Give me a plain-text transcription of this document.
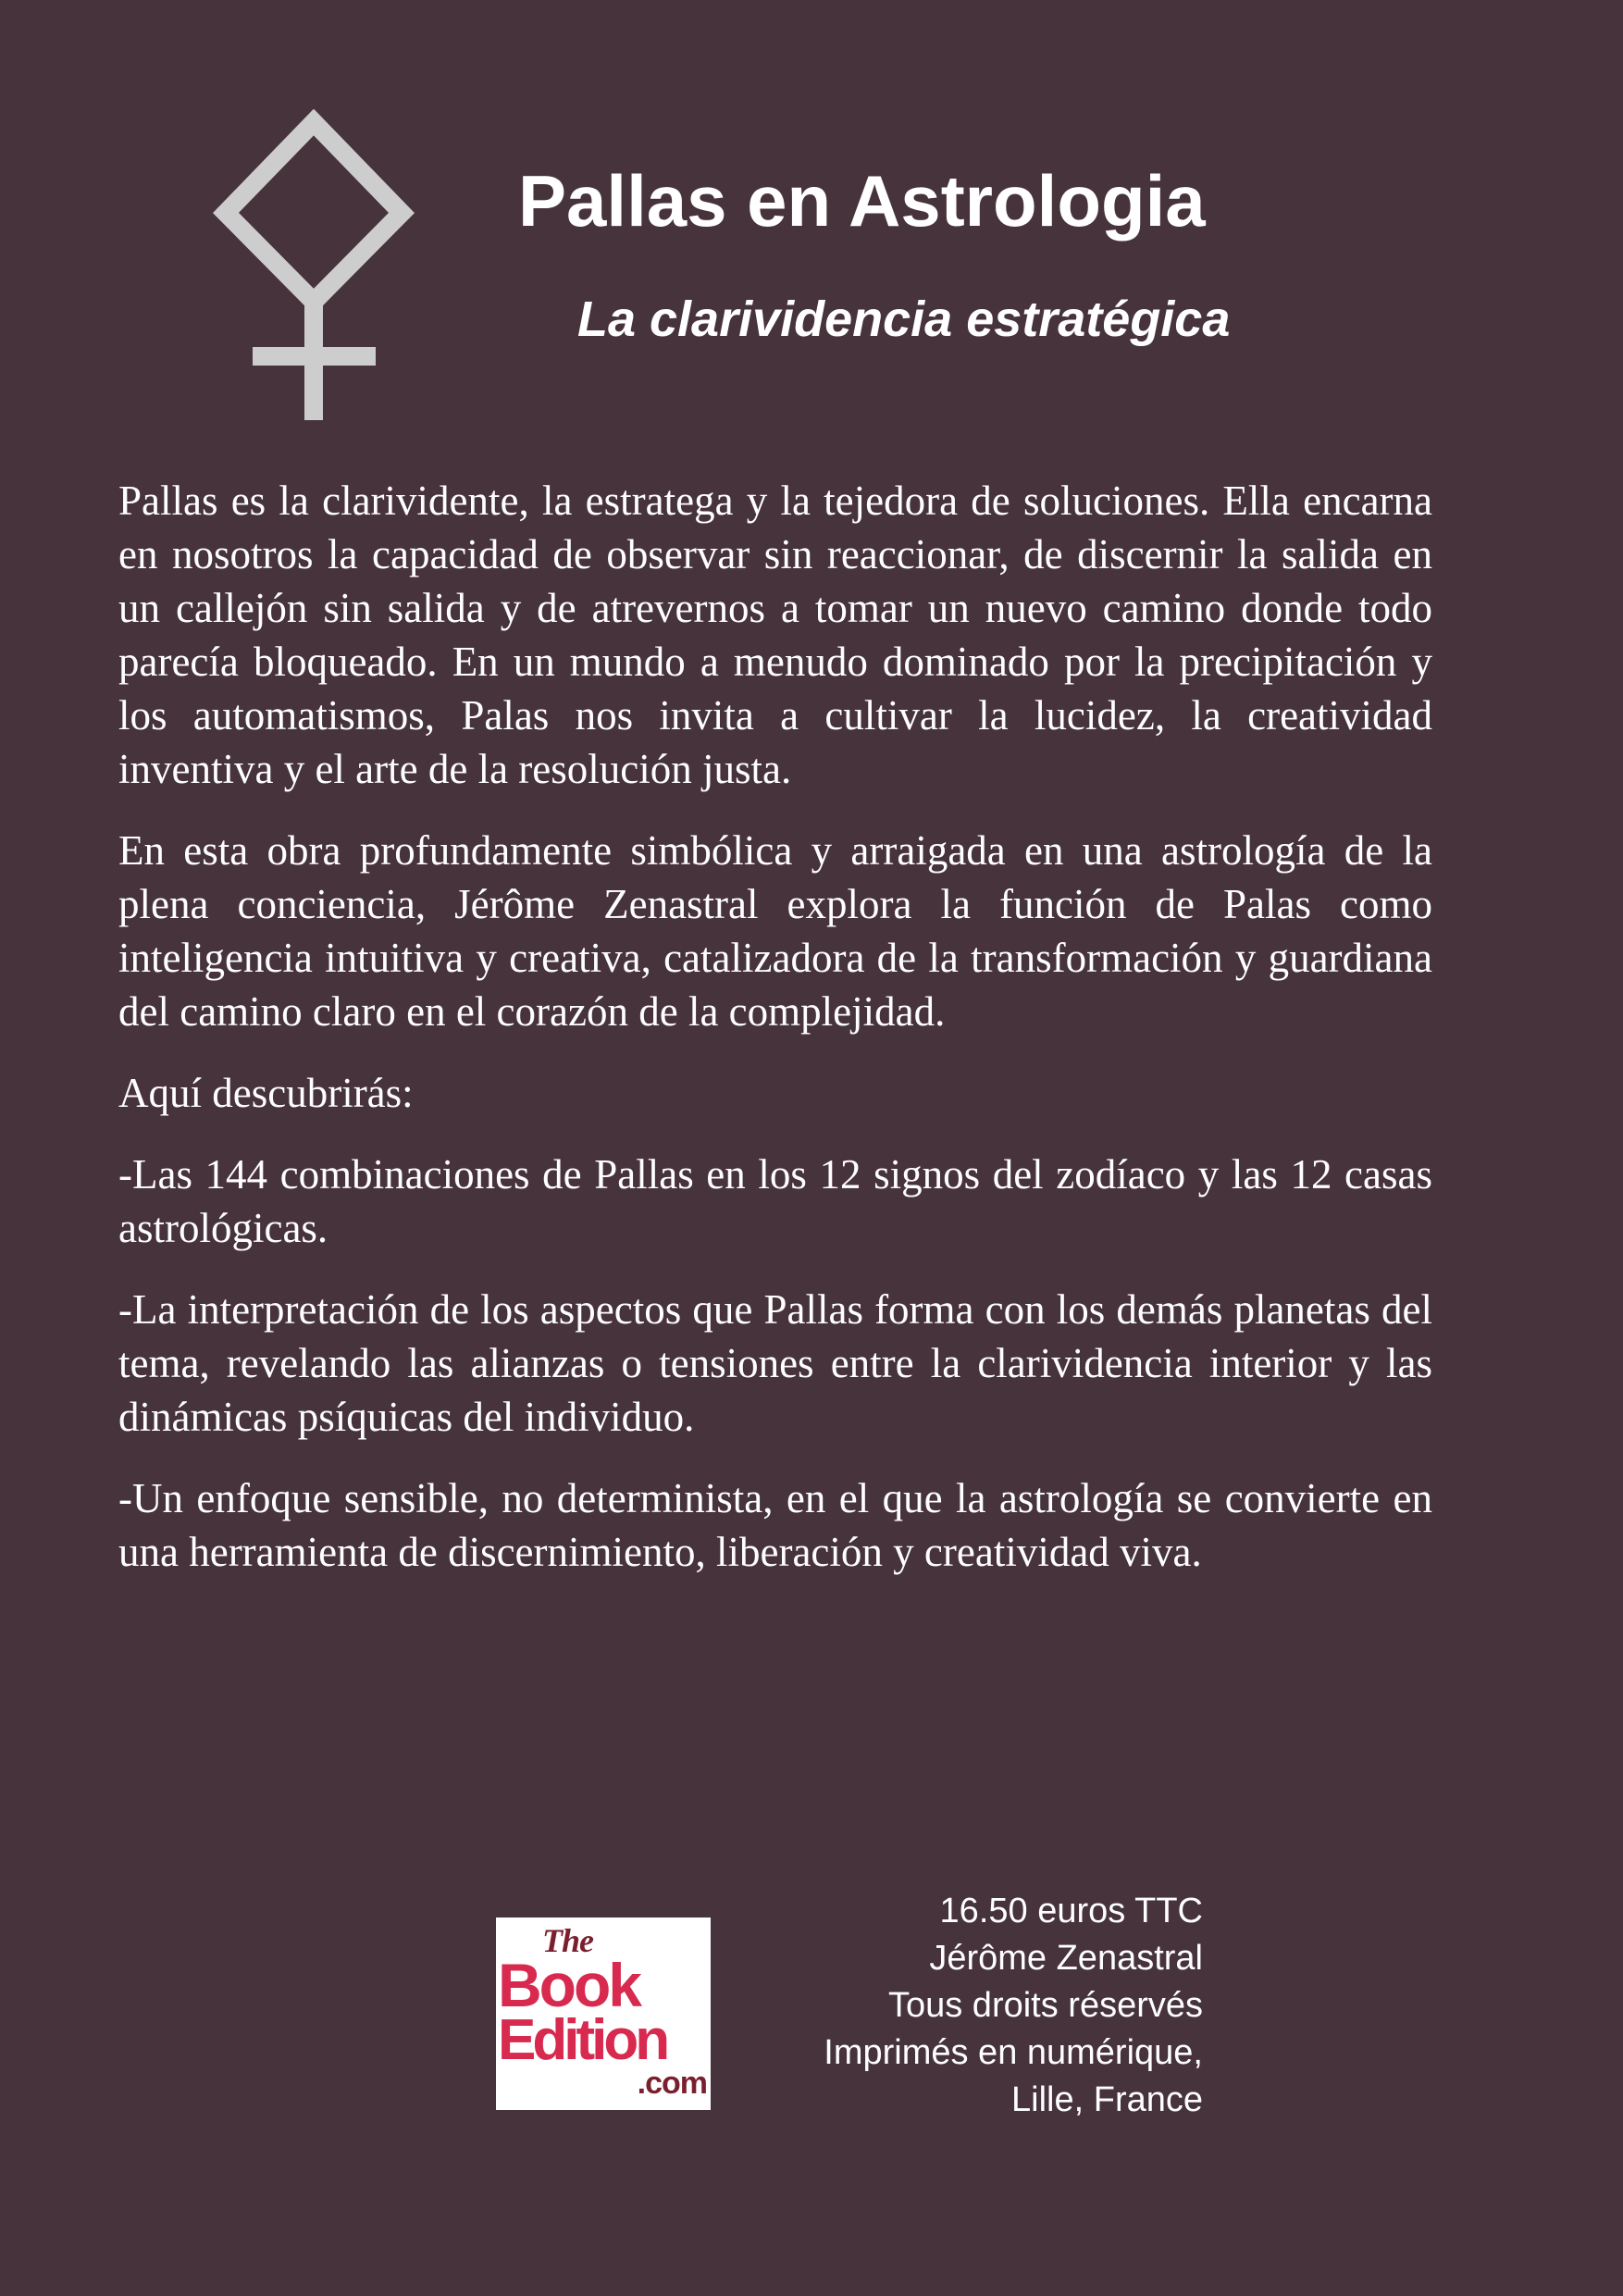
Pallas en Astrologia
La clarividencia estratégica

Pallas es la clarividente, la estratega y la tejedora de soluciones. Ella encarna en nosotros la capacidad de observar sin reaccionar, de discernir la salida en un callejón sin salida y de atrevernos a tomar un nuevo camino donde todo parecía bloqueado. En un mundo a menudo dominado por la precipitación y los automatismos, Palas nos invita a cultivar la lucidez, la creatividad inventiva y el arte de la resolución justa.

En esta obra profundamente simbólica y arraigada en una astrología de la plena conciencia, Jérôme Zenastral explora la función de Palas como inteligencia intuitiva y creativa, catalizadora de la transformación y guardiana del camino claro en el corazón de la complejidad.

Aquí descubrirás:

-Las 144 combinaciones de Pallas en los 12 signos del zodíaco y las 12 casas astrológicas.

-La interpretación de los aspectos que Pallas forma con los demás planetas del tema, revelando las alianzas o tensiones entre la clarividencia interior y las dinámicas psíquicas del individuo.

-Un enfoque sensible, no determinista, en el que la astrología se convierte en una herramienta de discernimiento, liberación y creatividad viva.

The
Book
Edition
.com
16.50 euros TTC
Jérôme Zenastral
Tous droits réservés
Imprimés en numérique,
Lille, France
